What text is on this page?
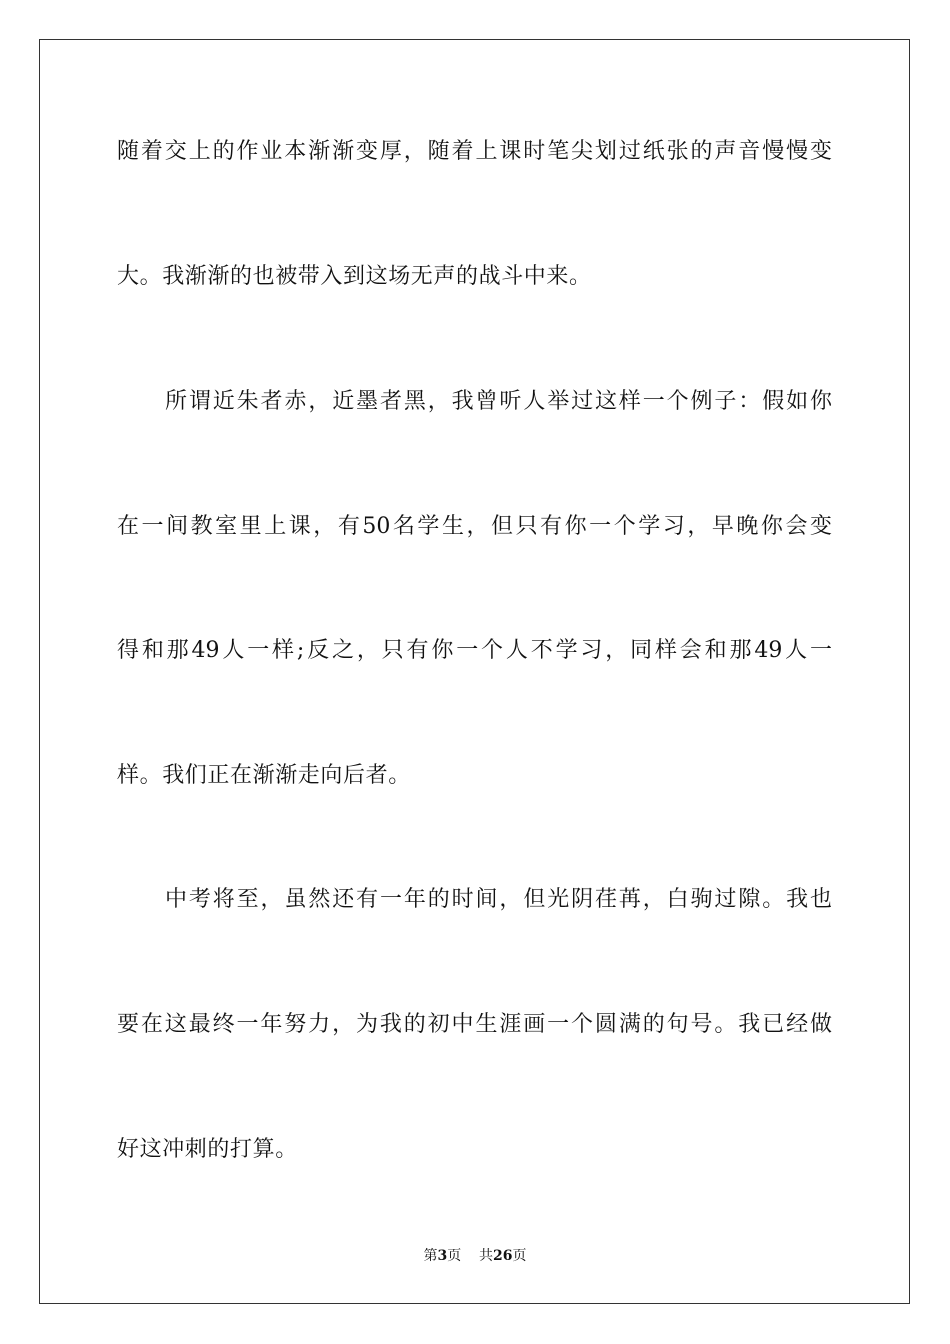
随着交上的作业本渐渐变厚，随着上课时笔尖划过纸张的声音慢慢变
大。我渐渐的也被带入到这场无声的战斗中来。
所谓近朱者赤，近墨者黑，我曾听人举过这样一个例子：假如你
在一间教室里上课，有50名学生，但只有你一个学习，早晚你会变
得和那49人一样;反之，只有你一个人不学习，同样会和那49人一
样。我们正在渐渐走向后者。
中考将至，虽然还有一年的时间，但光阴荏苒，白驹过隙。我也
要在这最终一年努力，为我的初中生涯画一个圆满的句号。我已经做
好这冲刺的打算。
第3页    共26页
